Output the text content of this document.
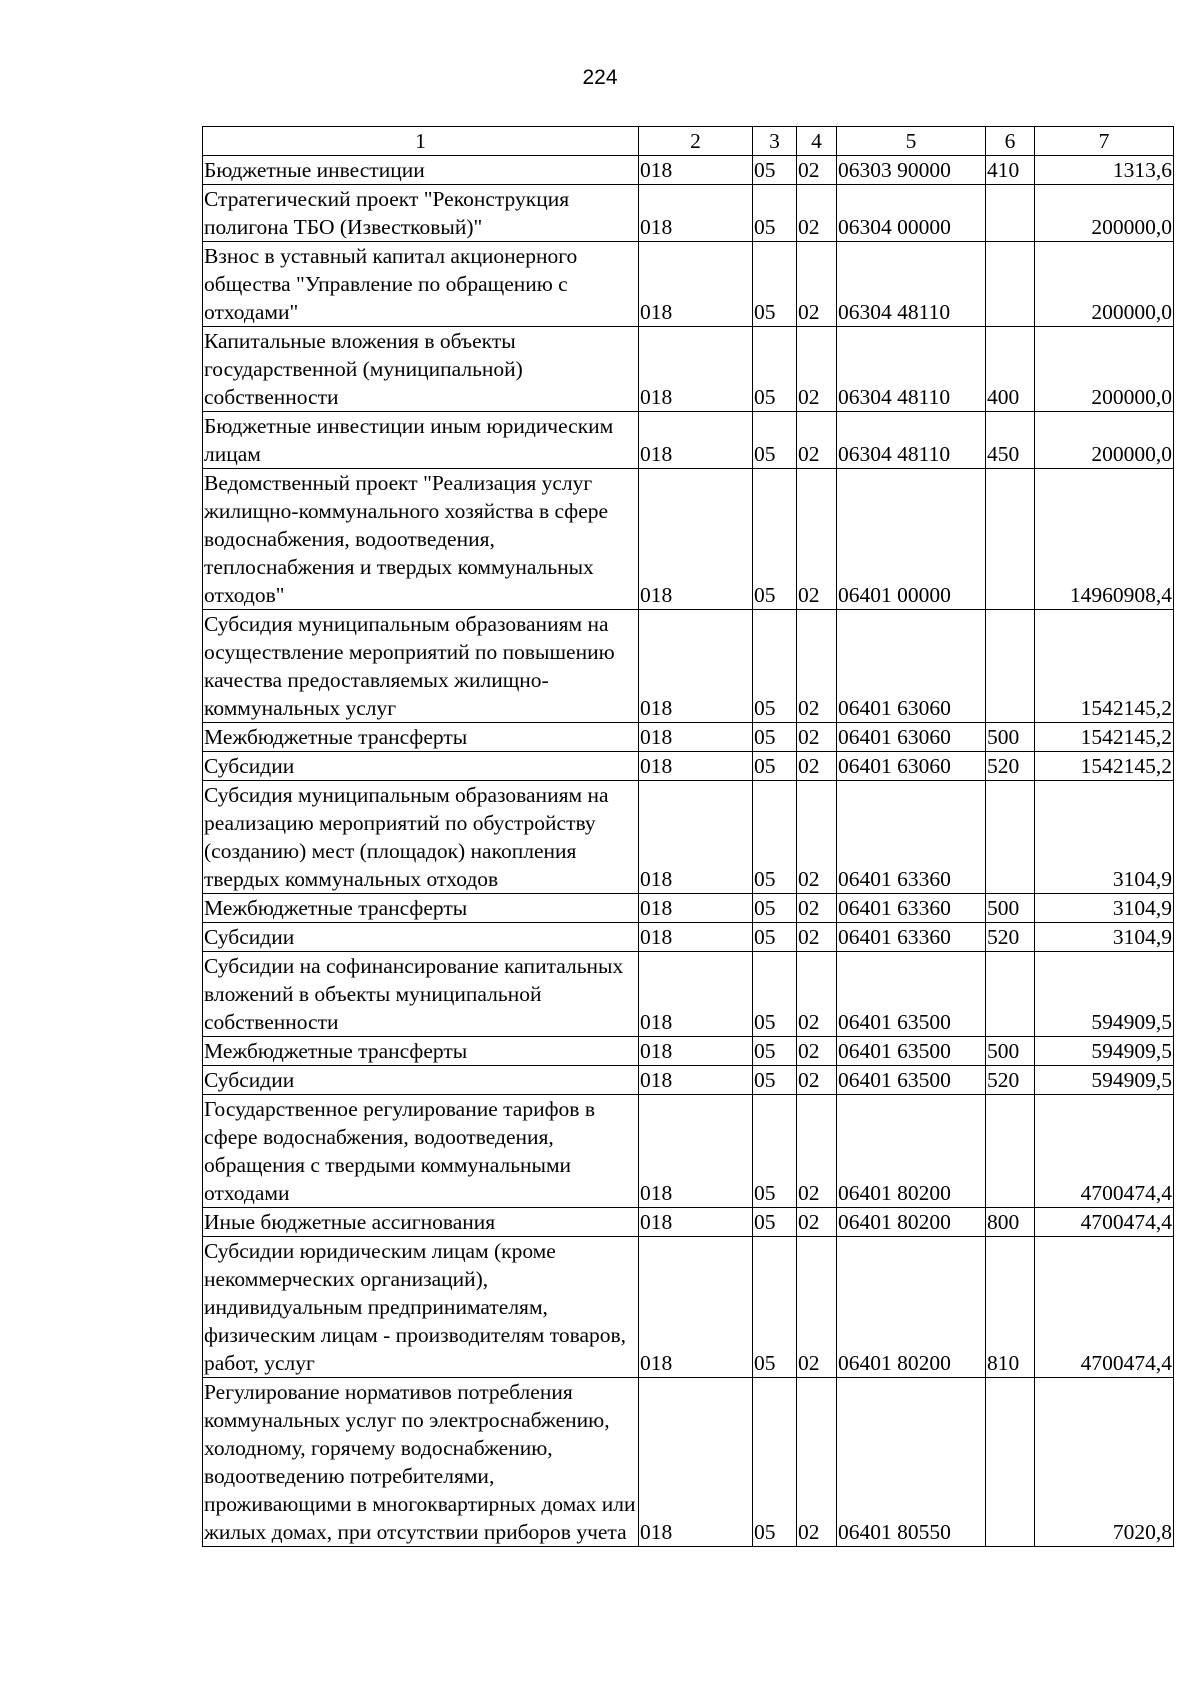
224
1	2	3	4	5	6	7
Бюджетные инвестиции	018	05	02	06303 90000	410	1313,6
Стратегический проект "Реконструкция полигона ТБО (Известковый)"	018	05	02	06304 00000		200000,0
Взнос в уставный капитал акционерного общества "Управление по обращению с отходами"	018	05	02	06304 48110		200000,0
Капитальные вложения в объекты государственной (муниципальной) собственности	018	05	02	06304 48110	400	200000,0
Бюджетные инвестиции иным юридическим лицам	018	05	02	06304 48110	450	200000,0
Ведомственный проект "Реализация услуг жилищно-коммунального хозяйства в сфере водоснабжения, водоотведения, теплоснабжения и твердых коммунальных отходов"	018	05	02	06401 00000		14960908,4
Субсидия муниципальным образованиям на осуществление мероприятий по повышению качества предоставляемых жилищно-коммунальных услуг	018	05	02	06401 63060		1542145,2
Межбюджетные трансферты	018	05	02	06401 63060	500	1542145,2
Субсидии	018	05	02	06401 63060	520	1542145,2
Субсидия муниципальным образованиям на реализацию мероприятий по обустройству (созданию) мест (площадок) накопления твердых коммунальных отходов	018	05	02	06401 63360		3104,9
Межбюджетные трансферты	018	05	02	06401 63360	500	3104,9
Субсидии	018	05	02	06401 63360	520	3104,9
Субсидии на софинансирование капитальных вложений в объекты муниципальной собственности	018	05	02	06401 63500		594909,5
Межбюджетные трансферты	018	05	02	06401 63500	500	594909,5
Субсидии	018	05	02	06401 63500	520	594909,5
Государственное регулирование тарифов в сфере водоснабжения, водоотведения, обращения с твердыми коммунальными отходами	018	05	02	06401 80200		4700474,4
Иные бюджетные ассигнования	018	05	02	06401 80200	800	4700474,4
Субсидии юридическим лицам (кроме некоммерческих организаций), индивидуальным предпринимателям, физическим лицам - производителям товаров, работ, услуг	018	05	02	06401 80200	810	4700474,4
Регулирование нормативов потребления коммунальных услуг по электроснабжению, холодному, горячему водоснабжению, водоотведению потребителями, проживающими в многоквартирных домах или жилых домах, при отсутствии приборов учета	018	05	02	06401 80550		7020,8
